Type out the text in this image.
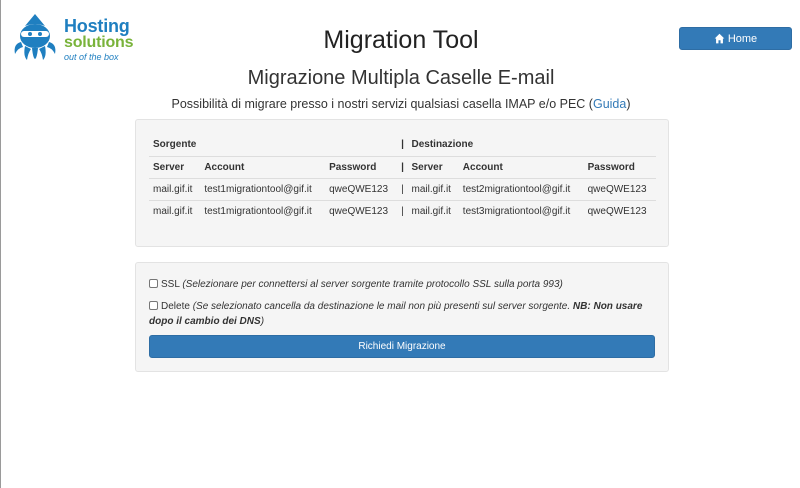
Hosting
solutions
out of the box
Migration Tool	Home
Migrazione Multipla Caselle E-mail
Possibilità di migrare presso i nostri servizi qualsiasi casella IMAP e/o PEC (Guida)
Sorgente			|	Destinazione		
Server	Account	Password	|	Server	Account	Password
mail.gif.it	test1migrationtool@gif.it	qweQWE123	|	mail.gif.it	test2migrationtool@gif.it	qweQWE123
mail.gif.it	test1migrationtool@gif.it	qweQWE123	|	mail.gif.it	test3migrationtool@gif.it	qweQWE123
SSL (Selezionare per connettersi al server sorgente tramite protocollo SSL sulla porta 993)
Delete (Se selezionato cancella da destinazione le mail non più presenti sul server sorgente. NB: Non usare dopo il cambio dei DNS)
Richiedi Migrazione
